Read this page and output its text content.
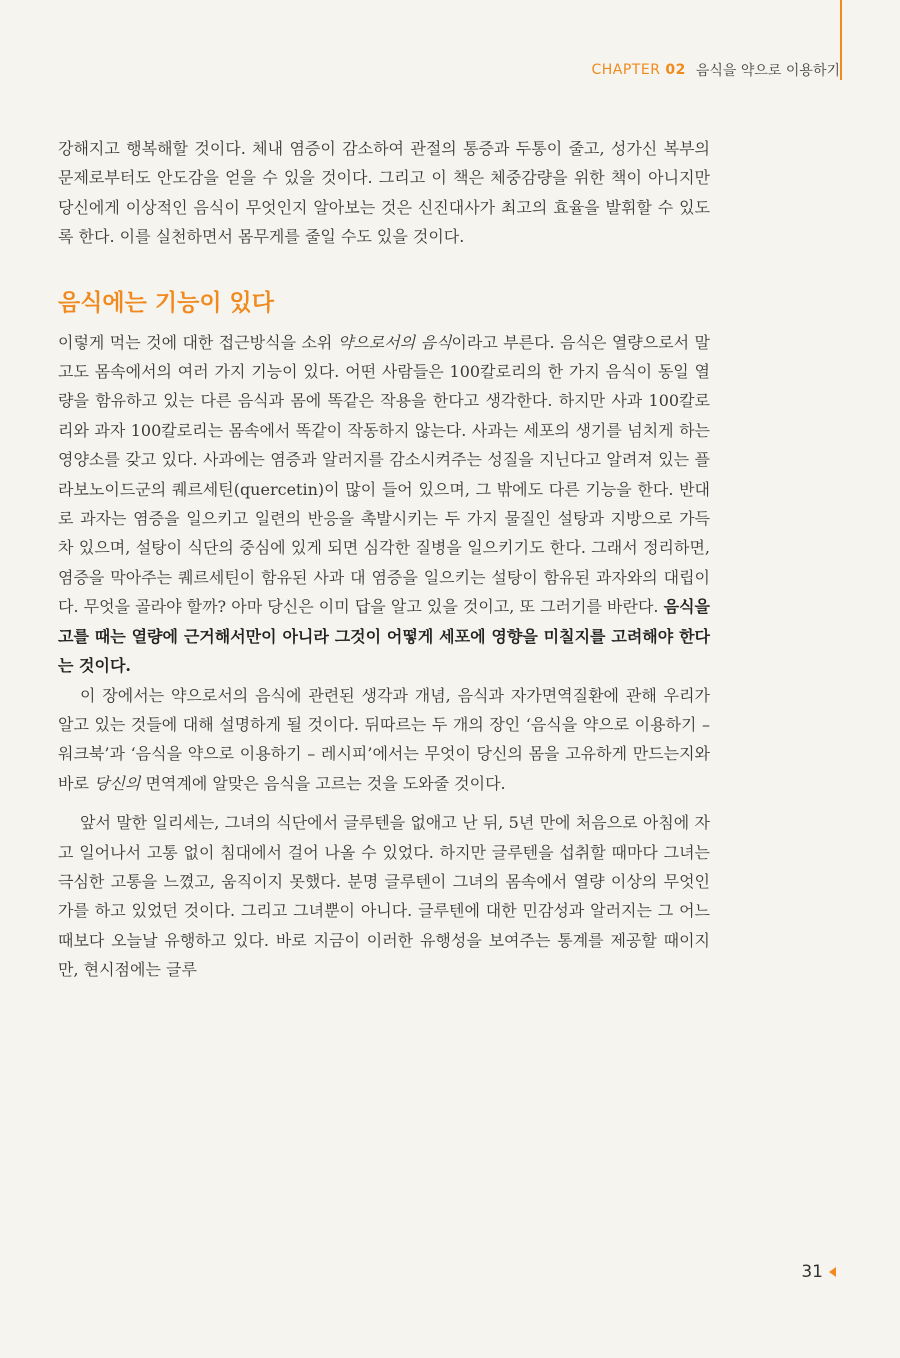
CHAPTER 02 음식을 약으로 이용하기

강해지고 행복해할 것이다. 체내 염증이 감소하여 관절의 통증과 두통이 줄고, 성가신 복부의 문제로부터도 안도감을 얻을 수 있을 것이다. 그리고 이 책은 체중감량을 위한 책이 아니지만 당신에게 이상적인 음식이 무엇인지 알아보는 것은 신진대사가 최고의 효율을 발휘할 수 있도록 한다. 이를 실천하면서 몸무게를 줄일 수도 있을 것이다.

음식에는 기능이 있다

이렇게 먹는 것에 대한 접근방식을 소위 약으로서의 음식이라고 부른다. 음식은 열량으로서 말고도 몸속에서의 여러 가지 기능이 있다. 어떤 사람들은 100칼로리의 한 가지 음식이 동일 열량을 함유하고 있는 다른 음식과 몸에 똑같은 작용을 한다고 생각한다. 하지만 사과 100칼로리와 과자 100칼로리는 몸속에서 똑같이 작동하지 않는다. 사과는 세포의 생기를 넘치게 하는 영양소를 갖고 있다. 사과에는 염증과 알러지를 감소시켜주는 성질을 지닌다고 알려져 있는 플라보노이드군의 퀘르세틴(quercetin)이 많이 들어 있으며, 그 밖에도 다른 기능을 한다. 반대로 과자는 염증을 일으키고 일련의 반응을 촉발시키는 두 가지 물질인 설탕과 지방으로 가득 차 있으며, 설탕이 식단의 중심에 있게 되면 심각한 질병을 일으키기도 한다. 그래서 정리하면, 염증을 막아주는 퀘르세틴이 함유된 사과 대 염증을 일으키는 설탕이 함유된 과자와의 대립이다. 무엇을 골라야 할까? 아마 당신은 이미 답을 알고 있을 것이고, 또 그러기를 바란다. 음식을 고를 때는 열량에 근거해서만이 아니라 그것이 어떻게 세포에 영향을 미칠지를 고려해야 한다는 것이다.

이 장에서는 약으로서의 음식에 관련된 생각과 개념, 음식과 자가면역질환에 관해 우리가 알고 있는 것들에 대해 설명하게 될 것이다. 뒤따르는 두 개의 장인 ‘음식을 약으로 이용하기 – 워크북’과 ‘음식을 약으로 이용하기 – 레시피’에서는 무엇이 당신의 몸을 고유하게 만드는지와 바로 당신의 면역계에 알맞은 음식을 고르는 것을 도와줄 것이다.

앞서 말한 일리세는, 그녀의 식단에서 글루텐을 없애고 난 뒤, 5년 만에 처음으로 아침에 자고 일어나서 고통 없이 침대에서 걸어 나올 수 있었다. 하지만 글루텐을 섭취할 때마다 그녀는 극심한 고통을 느꼈고, 움직이지 못했다. 분명 글루텐이 그녀의 몸속에서 열량 이상의 무엇인가를 하고 있었던 것이다. 그리고 그녀뿐이 아니다. 글루텐에 대한 민감성과 알러지는 그 어느 때보다 오늘날 유행하고 있다. 바로 지금이 이러한 유행성을 보여주는 통계를 제공할 때이지만, 현시점에는 글루

31
